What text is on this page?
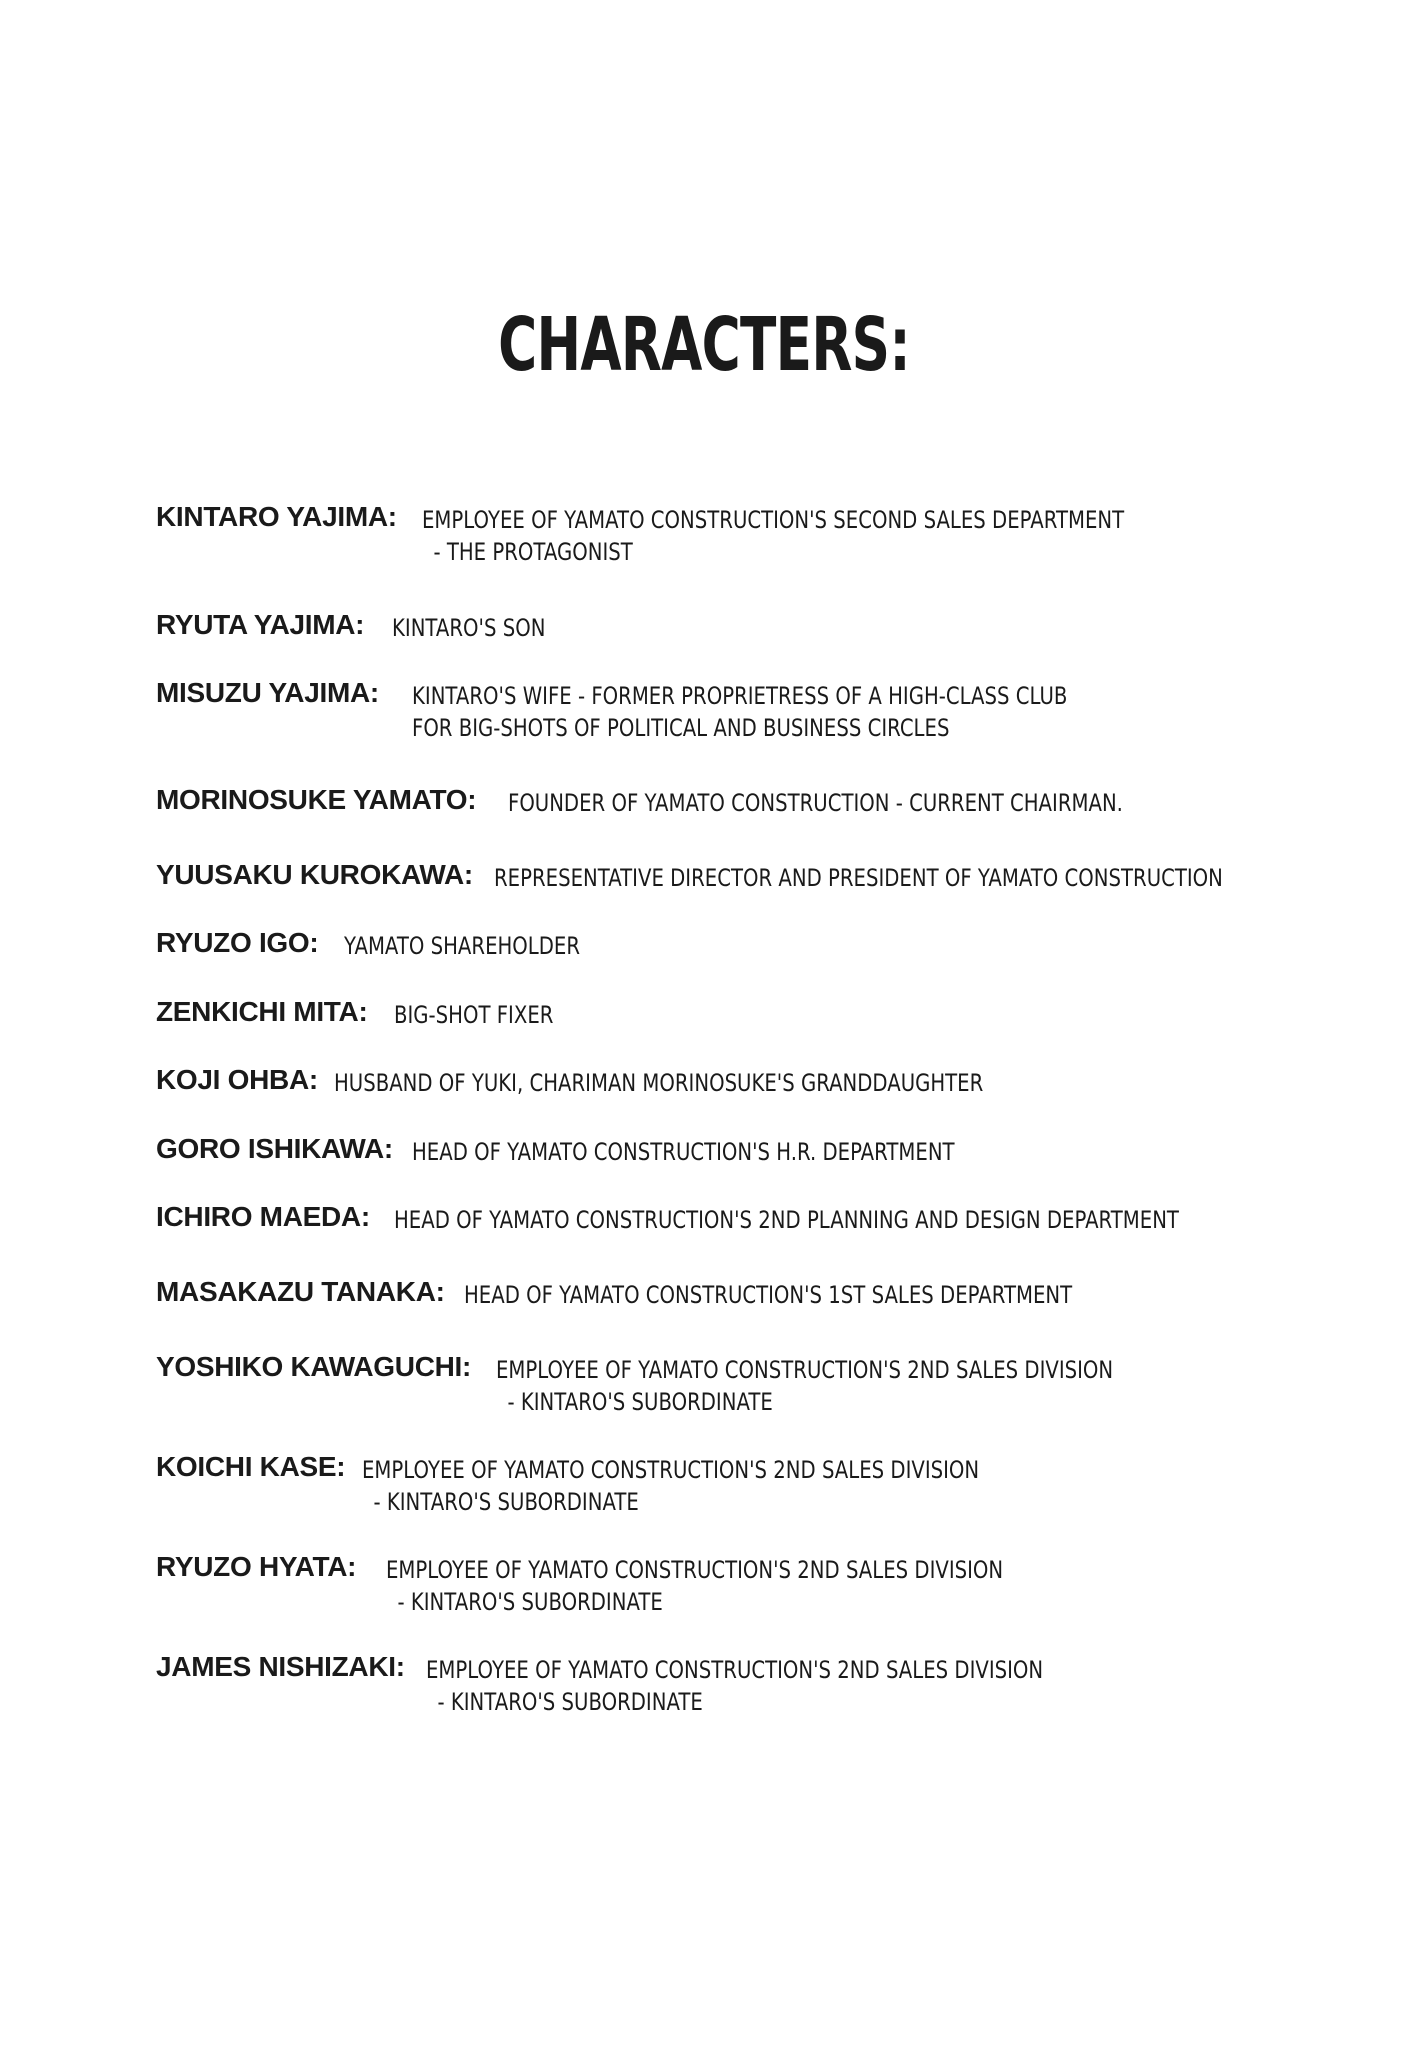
CHARACTERS:
KINTARO YAJIMA: EMPLOYEE OF YAMATO CONSTRUCTION'S SECOND SALES DEPARTMENT
- THE PROTAGONIST
RYUTA YAJIMA: KINTARO'S SON
MISUZU YAJIMA: KINTARO'S WIFE - FORMER PROPRIETRESS OF A HIGH-CLASS CLUB
FOR BIG-SHOTS OF POLITICAL AND BUSINESS CIRCLES
MORINOSUKE YAMATO: FOUNDER OF YAMATO CONSTRUCTION - CURRENT CHAIRMAN.
YUUSAKU KUROKAWA: REPRESENTATIVE DIRECTOR AND PRESIDENT OF YAMATO CONSTRUCTION
RYUZO IGO: YAMATO SHAREHOLDER
ZENKICHI MITA: BIG-SHOT FIXER
KOJI OHBA: HUSBAND OF YUKI, CHARIMAN MORINOSUKE'S GRANDDAUGHTER
GORO ISHIKAWA: HEAD OF YAMATO CONSTRUCTION'S H.R. DEPARTMENT
ICHIRO MAEDA: HEAD OF YAMATO CONSTRUCTION'S 2ND PLANNING AND DESIGN DEPARTMENT
MASAKAZU TANAKA: HEAD OF YAMATO CONSTRUCTION'S 1ST SALES DEPARTMENT
YOSHIKO KAWAGUCHI: EMPLOYEE OF YAMATO CONSTRUCTION'S 2ND SALES DIVISION
- KINTARO'S SUBORDINATE
KOICHI KASE: EMPLOYEE OF YAMATO CONSTRUCTION'S 2ND SALES DIVISION
- KINTARO'S SUBORDINATE
RYUZO HYATA: EMPLOYEE OF YAMATO CONSTRUCTION'S 2ND SALES DIVISION
- KINTARO'S SUBORDINATE
JAMES NISHIZAKI: EMPLOYEE OF YAMATO CONSTRUCTION'S 2ND SALES DIVISION
- KINTARO'S SUBORDINATE
